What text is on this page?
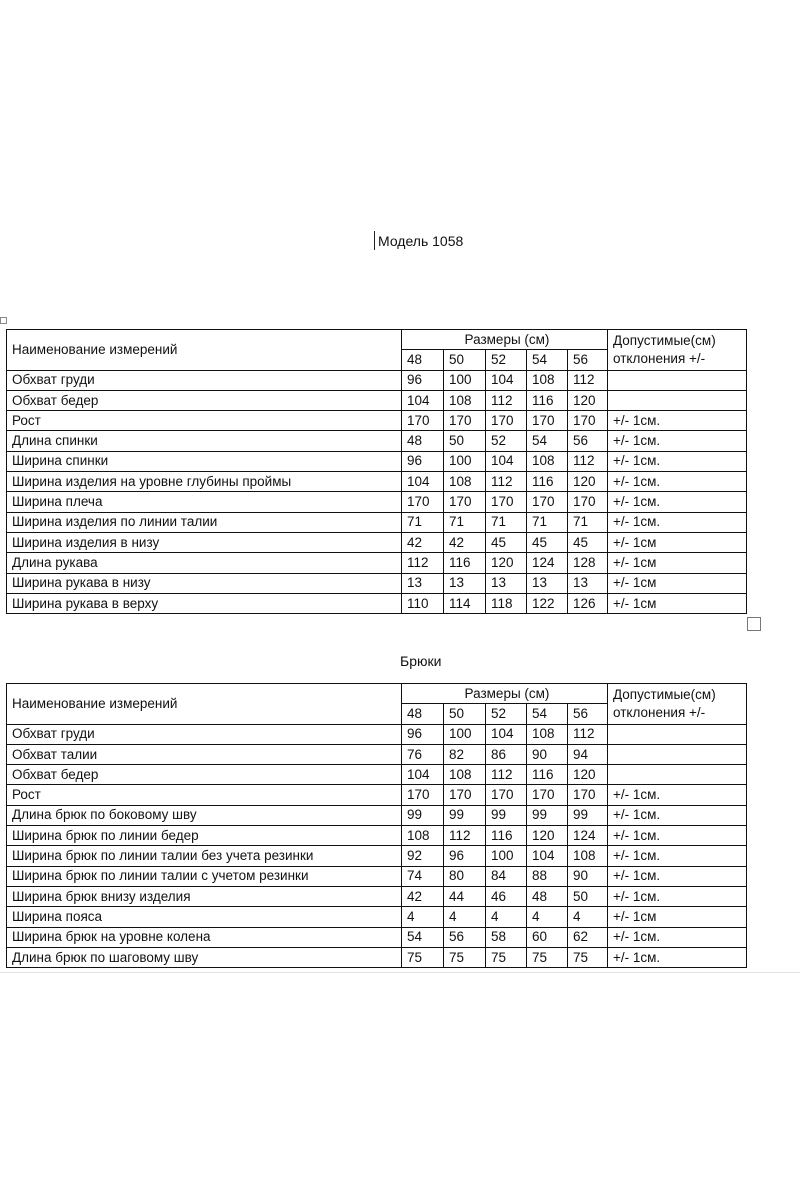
Модель 1058
Наименование измерений	Размеры (см)					Допустимые(см)
отклонения +/-
	48	50	52	54	56	
Обхват груди	96	100	104	108	112	
Обхват бедер	104	108	112	116	120	
Рост	170	170	170	170	170	+/- 1см.
Длина спинки	48	50	52	54	56	+/- 1см.
Ширина спинки	96	100	104	108	112	+/- 1см.
Ширина изделия на уровне глубины проймы	104	108	112	116	120	+/- 1см.
Ширина плеча	170	170	170	170	170	+/- 1см.
Ширина изделия по линии талии	71	71	71	71	71	+/- 1см.
Ширина изделия в низу	42	42	45	45	45	+/- 1см
Длина рукава	112	116	120	124	128	+/- 1см
Ширина рукава в низу	13	13	13	13	13	+/- 1см
Ширина рукава в верху	110	114	118	122	126	+/- 1см
Брюки
Наименование измерений	Размеры (см)					Допустимые(см)
отклонения +/-
	48	50	52	54	56	
Обхват груди	96	100	104	108	112	
Обхват талии	76	82	86	90	94	
Обхват бедер	104	108	112	116	120	
Рост	170	170	170	170	170	+/- 1см.
Длина брюк по боковому шву	99	99	99	99	99	+/- 1см.
Ширина брюк по линии бедер	108	112	116	120	124	+/- 1см.
Ширина брюк по линии талии без учета резинки	92	96	100	104	108	+/- 1см.
Ширина брюк по линии талии с учетом резинки	74	80	84	88	90	+/- 1см.
Ширина брюк внизу изделия	42	44	46	48	50	+/- 1см.
Ширина пояса	4	4	4	4	4	+/- 1см
Ширина брюк на уровне колена	54	56	58	60	62	+/- 1см.
Длина брюк по шаговому шву	75	75	75	75	75	+/- 1см.
